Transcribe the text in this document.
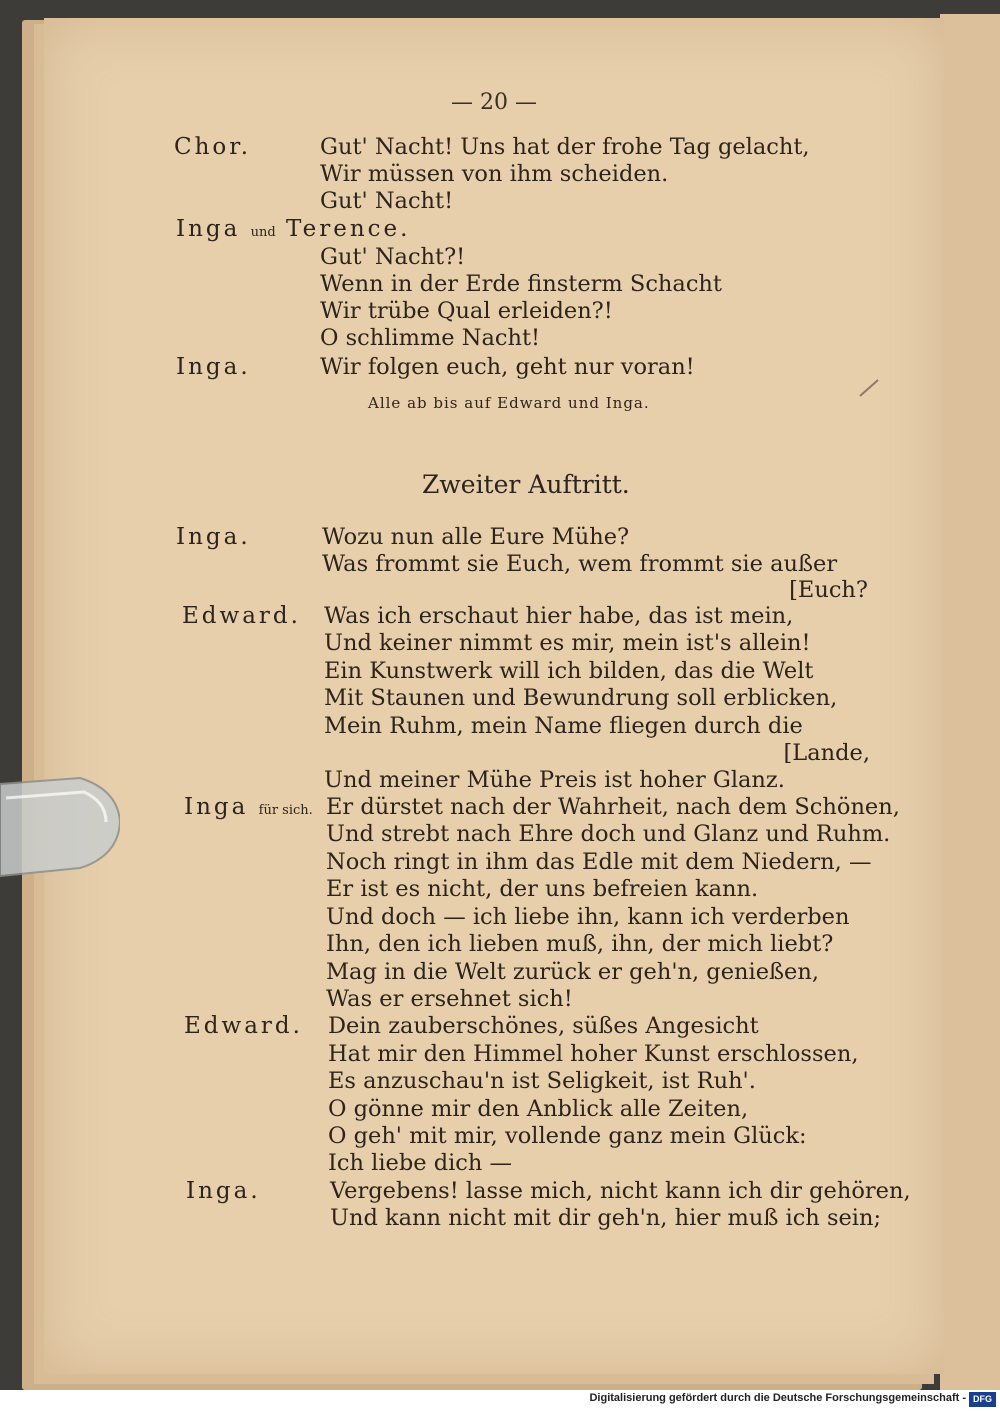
— 20 —
Chor.	Gut' Nacht! Uns hat der frohe Tag gelacht,
Wir müssen von ihm scheiden.
Gut' Nacht!
Inga und Terence.
Gut' Nacht?!
Wenn in der Erde finsterm Schacht
Wir trübe Qual erleiden?!
O schlimme Nacht!
Inga.	Wir folgen euch, geht nur voran!
Alle ab bis auf Edward und Inga.
Zweiter Auftritt.
Inga.	Wozu nun alle Eure Mühe?
Was frommt sie Euch, wem frommt sie außer
[Euch?
Edward. Was ich erschaut hier habe, das ist mein,
Und keiner nimmt es mir, mein ist's allein!
Ein Kunstwerk will ich bilden, das die Welt
Mit Staunen und Bewundrung soll erblicken,
Mein Ruhm, mein Name fliegen durch die
[Lande,
Und meiner Mühe Preis ist hoher Glanz.
Inga für sich. Er dürstet nach der Wahrheit, nach dem Schönen,
Und strebt nach Ehre doch und Glanz und Ruhm.
Noch ringt in ihm das Edle mit dem Niedern, —
Er ist es nicht, der uns befreien kann.
Und doch — ich liebe ihn, kann ich verderben
Ihn, den ich lieben muß, ihn, der mich liebt?
Mag in die Welt zurück er geh'n, genießen,
Was er ersehnet sich!
Edward. Dein zauberschönes, süßes Angesicht
Hat mir den Himmel hoher Kunst erschlossen,
Es anzuschau'n ist Seligkeit, ist Ruh'.
O gönne mir den Anblick alle Zeiten,
O geh' mit mir, vollende ganz mein Glück:
Ich liebe dich —
Inga.	Vergebens! lasse mich, nicht kann ich dir gehören,
Und kann nicht mit dir geh'n, hier muß ich sein;
Digitalisierung gefördert durch die Deutsche Forschungsgemeinschaft - DFG
